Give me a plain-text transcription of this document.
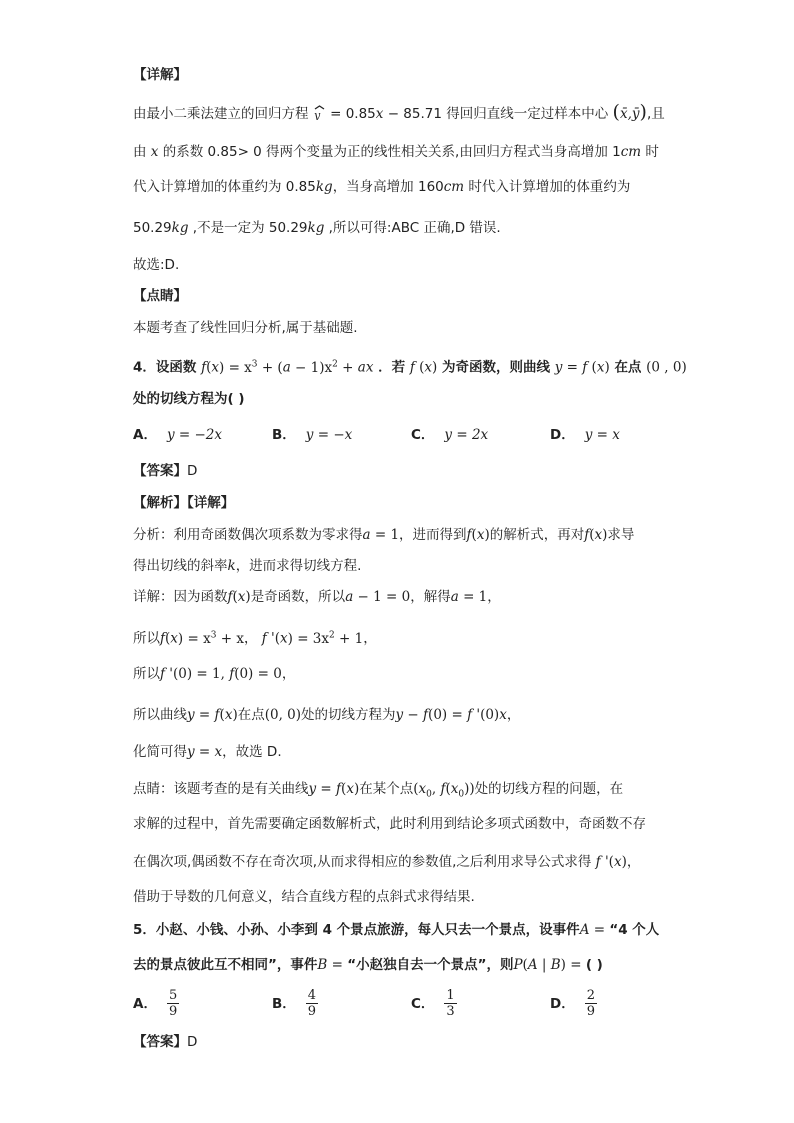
【详解】
由最小二乘法建立的回归方程 y = 0.85x − 85.71 得回归直线一定过样本中心 (x̄,ȳ),且
由 x 的系数 0.85> 0 得两个变量为正的线性相关关系,由回归方程式当身高增加 1cm 时
代入计算增加的体重约为 0.85kg，当身高增加 160cm 时代入计算增加的体重约为
50.29kg ,不是一定为 50.29kg ,所以可得:ABC 正确,D 错误.
故选:D.
【点睛】
本题考查了线性回归分析,属于基础题.
4．设函数 $f(x) = x^3 + (a - 1)x^2$ + ax ．若 f (x) 为奇函数，则曲线 y = f (x) 在点 (0 , 0)
处的切线方程为( )
A． y = −2x	B． y = −x	C． y = 2x	D． y = x
【答案】D
【解析】【详解】
分析：利用奇函数偶次项系数为零求得a = 1，进而得到f(x)的解析式，再对f(x)求导
得出切线的斜率k，进而求得切线方程.
详解：因为函数f(x)是奇函数，所以a − 1 = 0，解得a = 1，
所以$f(x) = x^3 + x$， f '$(x) = 3x^2 + 1$，
所以f '(0) = 1, f(0) = 0，
所以曲线y = f(x)在点(0, 0)处的切线方程为y − f(0) = f '(0)x，
化简可得y = x，故选 D.
点睛：该题考查的是有关曲线y = f(x)在某个点($x_0$, $f(x_0)$)处的切线方程的问题，在
求解的过程中，首先需要确定函数解析式，此时利用到结论多项式函数中，奇函数不存
在偶次项,偶函数不存在奇次项,从而求得相应的参数值,之后利用求导公式求得 f '(x)，
借助于导数的几何意义，结合直线方程的点斜式求得结果.
5．小赵、小钱、小孙、小李到 4 个景点旅游，每人只去一个景点，设事件A = “4 个人
去的景点彼此互不相同”，事件B = “小赵独自去一个景点”，则P(A | B) = ( )
A． $\frac{5}{9}$	B． $\frac{4}{9}$	C． $\frac{1}{3}$	D． $\frac{2}{9}$
【答案】D
